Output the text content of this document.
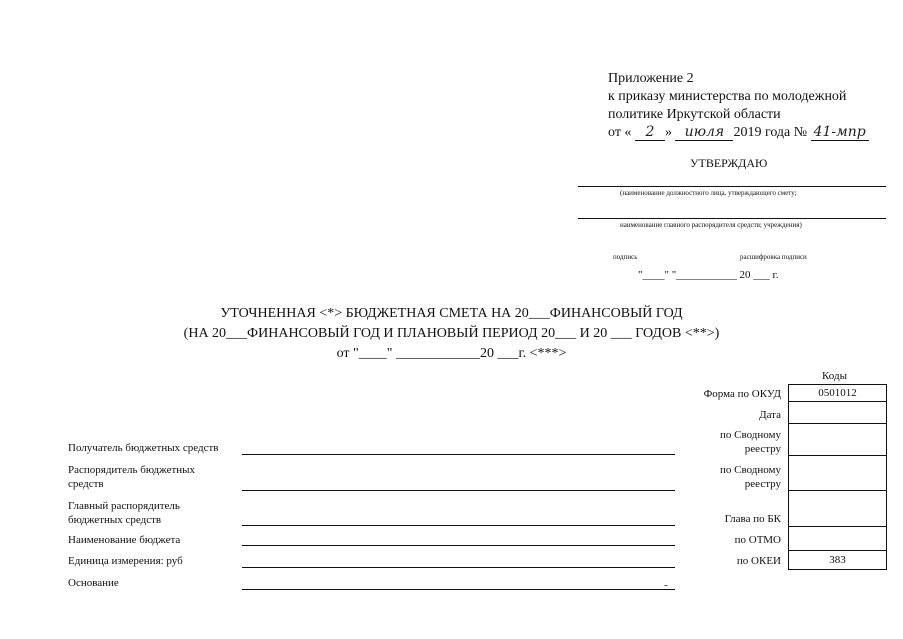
Приложение 2
к приказу министерства по молодежной
политике Иркутской области
от « 2 » июля 2019 года № 41-мпр
УТВЕРЖДАЮ
(наименование должностного лица, утверждающего смету;
наименование главного распорядителя средств; учреждения)
подпись	расшифровка подписи
"____" "___________ 20 ___ г.
УТОЧНЕННАЯ <*> БЮДЖЕТНАЯ СМЕТА НА 20___ФИНАНСОВЫЙ ГОД
(НА 20___ФИНАНСОВЫЙ ГОД И ПЛАНОВЫЙ ПЕРИОД 20___ И 20 ___ ГОДОВ <**>)
от "____" ____________20 ___г. <***>
Получатель бюджетных средств
Распорядитель бюджетных
средств
Главный распорядитель
бюджетных средств
Наименование бюджета
Единица измерения: руб
Основание	-
Коды
0501012
383
Форма по ОКУД
Дата
по Сводному
реестру
по Сводному
реестру
Глава по БК
по ОТМО
по ОКЕИ
